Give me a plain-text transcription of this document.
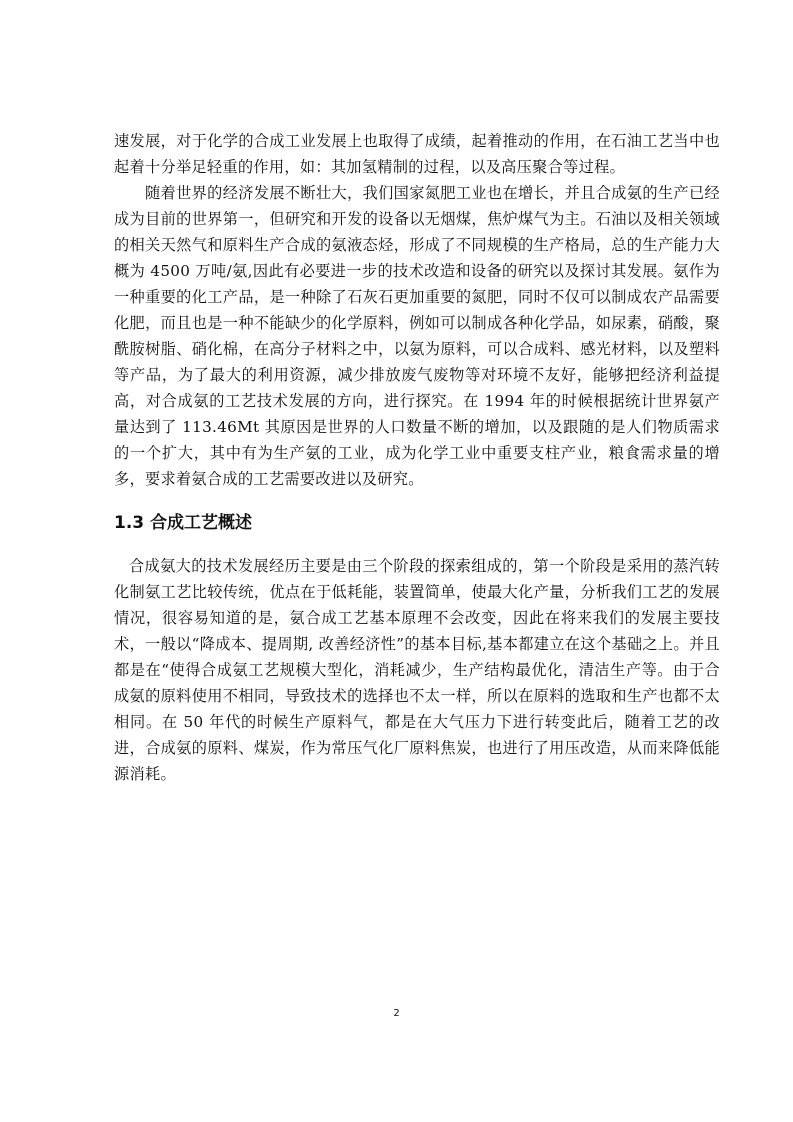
速发展，对于化学的合成工业发展上也取得了成绩，起着推动的作用，在石油工艺当中也起着十分举足轻重的作用，如：其加氢精制的过程，以及高压聚合等过程。

随着世界的经济发展不断壮大，我们国家氮肥工业也在增长，并且合成氨的生产已经成为目前的世界第一，但研究和开发的设备以无烟煤，焦炉煤气为主。石油以及相关领域的相关天然气和原料生产合成的氨液态烃，形成了不同规模的生产格局，总的生产能力大概为 4500 万吨/氨,因此有必要进一步的技术改造和设备的研究以及探讨其发展。氨作为一种重要的化工产品，是一种除了石灰石更加重要的氮肥，同时不仅可以制成农产品需要 化肥，而且也是一种不能缺少的化学原料，例如可以制成各种化学品，如尿素，硝酸，聚酰胺树脂、硝化棉，在高分子材料之中，以氨为原料，可以合成料、感光材料，以及塑料等产品，为了最大的利用资源，减少排放废气废物等对环境不友好，能够把经济利益提高，对合成氨的工艺技术发展的方向，进行探究。在 1994 年的时候根据统计世界氨产量达到了 113.46Mt 其原因是世界的人口数量不断的增加，以及跟随的是人们物质需求的一个扩大，其中有为生产氨的工业，成为化学工业中重要支柱产业，粮食需求量的增多，要求着氨合成的工艺需要改进以及研究。

1.3 合成工艺概述

合成氨大的技术发展经历主要是由三个阶段的探索组成的，第一个阶段是采用的蒸汽转化制氨工艺比较传统，优点在于低耗能，装置简单，使最大化产量，分析我们工艺的发展情况，很容易知道的是，氨合成工艺基本原理不会改变，因此在将来我们的发展主要技术，一般以“降成本、提周期, 改善经济性”的基本目标,基本都建立在这个基础之上。并且都是在“使得合成氨工艺规模大型化，消耗减少，生产结构最优化，清洁生产等。由于合成氨的原料使用不相同，导致技术的选择也不太一样，所以在原料的选取和生产也都不太相同。在 50 年代的时候生产原料气，都是在大气压力下进行转变此后，随着工艺的改进，合成氨的原料、煤炭，作为常压气化厂原料焦炭，也进行了用压改造，从而来降低能源消耗。

2
